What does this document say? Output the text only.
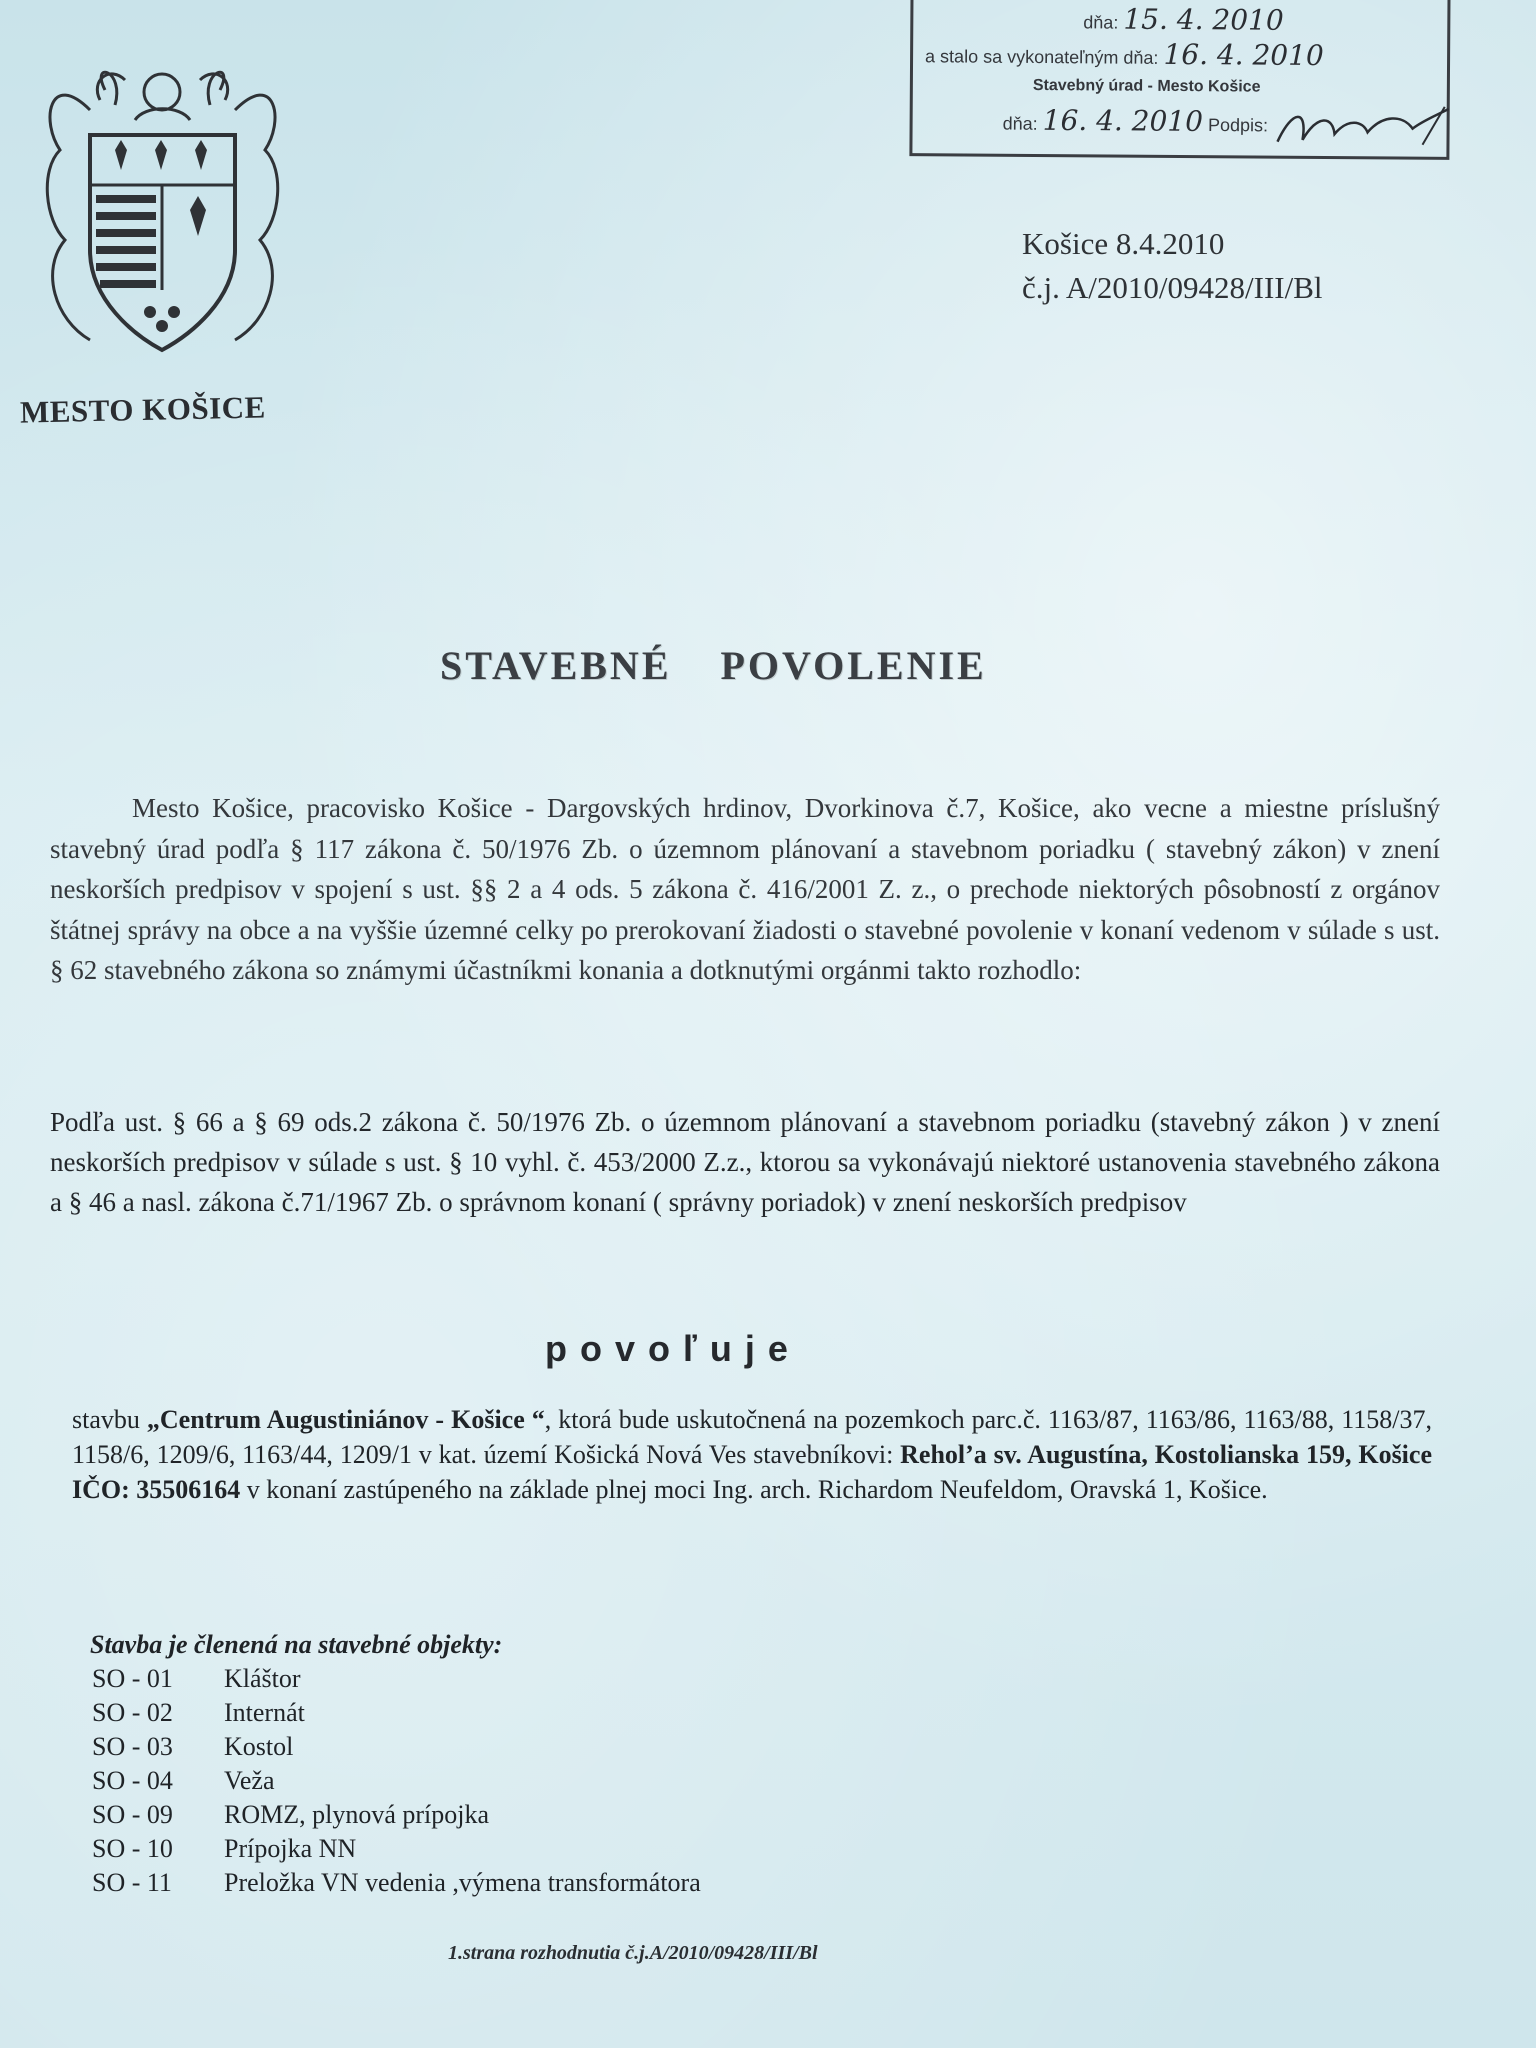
MESTO KOŠICE
dňa: 15. 4. 2010
a stalo sa vykonateľným dňa: 16. 4. 2010
Stavebný úrad - Mesto Košice
dňa: 16. 4. 2010 Podpis:
Košice 8.4.2010
č.j. A/2010/09428/III/Bl
STAVEBNÉ POVOLENIE
Mesto Košice, pracovisko Košice - Dargovských hrdinov, Dvorkinova č.7, Košice, ako vecne a miestne príslušný stavebný úrad podľa § 117 zákona č. 50/1976 Zb. o územnom plánovaní a stavebnom poriadku ( stavebný zákon) v znení neskorších predpisov v spojení s ust. §§ 2 a 4 ods. 5 zákona č. 416/2001 Z. z., o prechode niektorých pôsobností z orgánov štátnej správy na obce a na vyššie územné celky po prerokovaní žiadosti o stavebné povolenie v konaní vedenom v súlade s ust. § 62 stavebného zákona so známymi účastníkmi konania a dotknutými orgánmi takto rozhodlo:
Podľa ust. § 66 a § 69 ods.2 zákona č. 50/1976 Zb. o územnom plánovaní a stavebnom poriadku (stavebný zákon ) v znení neskorších predpisov v súlade s ust. § 10 vyhl. č. 453/2000 Z.z., ktorou sa vykonávajú niektoré ustanovenia stavebného zákona a § 46 a nasl. zákona č.71/1967 Zb. o správnom konaní ( správny poriadok) v znení neskorších predpisov
povoľuje
stavbu „Centrum Augustiniánov - Košice “, ktorá bude uskutočnená na pozemkoch parc.č. 1163/87, 1163/86, 1163/88, 1158/37, 1158/6, 1209/6, 1163/44, 1209/1 v kat. území Košická Nová Ves stavebníkovi: Reholʼa sv. Augustína, Kostolianska 159, Košice IČO: 35506164 v konaní zastúpeného na základe plnej moci Ing. arch. Richardom Neufeldom, Oravská 1, Košice.
Stavba je členená na stavebné objekty:
SO - 01 Kláštor
SO - 02 Internát
SO - 03 Kostol
SO - 04 Veža
SO - 09 ROMZ, plynová prípojka
SO - 10 Prípojka NN
SO - 11 Preložka VN vedenia ,výmena transformátora
1.strana rozhodnutia č.j.A/2010/09428/III/Bl
